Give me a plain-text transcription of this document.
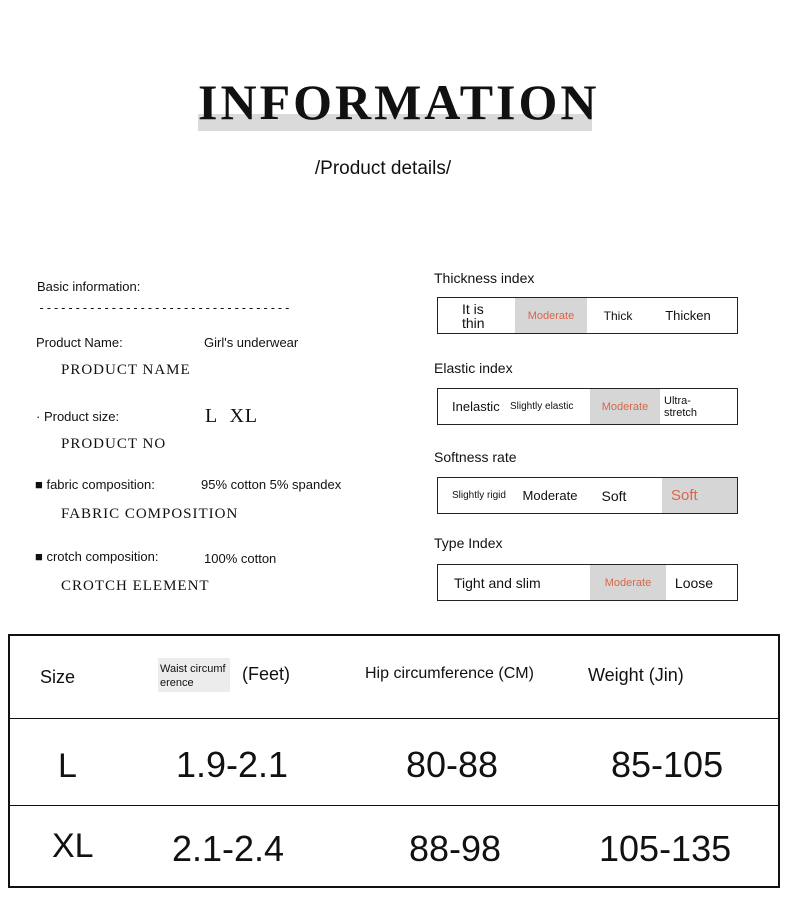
INFORMATION
/Product details/
Basic information:
-----------------------------------
Product Name:	Girl's underwear
PRODUCT NAME
· Product size:	L  XL
PRODUCT NO
■ fabric composition:	95% cotton 5% spandex
FABRIC COMPOSITION
■ crotch composition:	100% cotton
CROTCH ELEMENT
Thickness index
It is thin	Moderate	Thick	Thicken
Elastic index
Inelastic	Slightly elastic	Moderate	Ultra-stretch
Softness rate
Slightly rigid	Moderate	Soft	Soft
Type Index
Tight and slim	Moderate	Loose
Size	Waist circumference	(Feet)	Hip circumference (CM)	Weight (Jin)
L	1.9-2.1	80-88	85-105
XL 2.1-2.4	88-98	105-135
